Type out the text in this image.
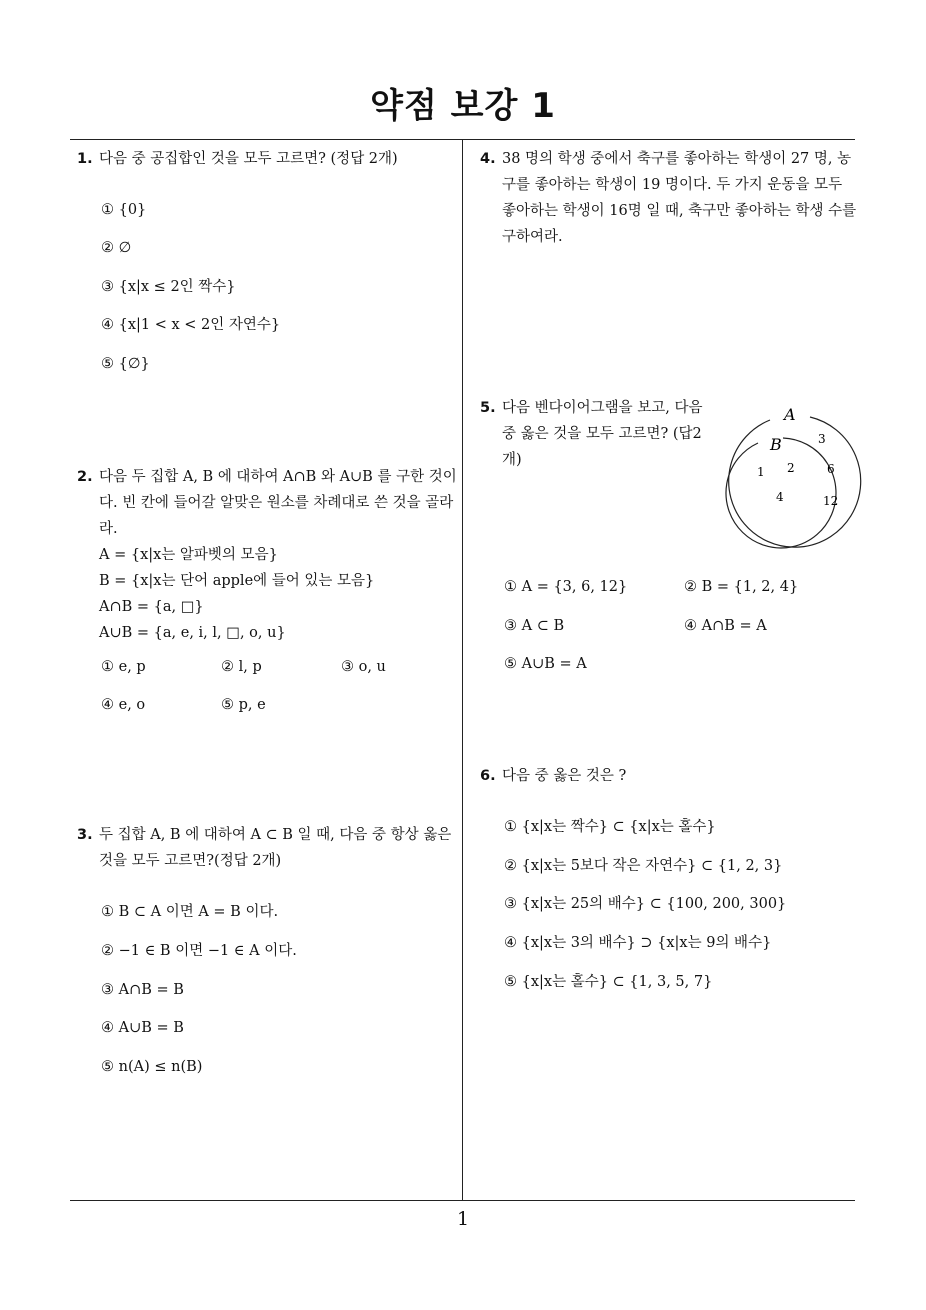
약점 보강 1
1
1. 다음 중 공집합인 것을 모두 고르면? (정답 2개)
① {0}
② ∅
③ {x|x ≤ 2인 짝수}
④ {x|1 < x < 2인 자연수}
⑤ {∅}
2. 다음 두 집합 A, B 에 대하여 A∩B 와 A∪B 를 구한 것이다. 빈 칸에 들어갈 알맞은 원소를 차례대로 쓴 것을 골라라.
A = {x|x는 알파벳의 모음}
B = {x|x는 단어 apple에 들어 있는 모음}
A∩B = {a, □}
A∪B = {a, e, i, l, □, o, u}
① e, p	② l, p	③ o, u
④ e, o	⑤ p, e
3. 두 집합 A, B 에 대하여 A ⊂ B 일 때, 다음 중 항상 옳은 것을 모두 고르면?(정답 2개)
① B ⊂ A 이면 A = B 이다.
② −1 ∈ B 이면 −1 ∈ A 이다.
③ A∩B = B
④ A∪B = B
⑤ n(A) ≤ n(B)
4. 38 명의 학생 중에서 축구를 좋아하는 학생이 27 명, 농구를 좋아하는 학생이 19 명이다. 두 가지 운동을 모두 좋아하는 학생이 16명 일 때, 축구만 좋아하는 학생 수를 구하여라.
5. 다음 벤다이어그램을 보고, 다음 중 옳은 것을 모두 고르면? (답2개)
A
B
1 2
4
3
6
12
① A = {3, 6, 12}	② B = {1, 2, 4}
③ A ⊂ B	④ A∩B = A
⑤ A∪B = A
6. 다음 중 옳은 것은 ?
① {x|x는 짝수} ⊂ {x|x는 홀수}
② {x|x는 5보다 작은 자연수} ⊂ {1, 2, 3}
③ {x|x는 25의 배수} ⊂ {100, 200, 300}
④ {x|x는 3의 배수} ⊃ {x|x는 9의 배수}
⑤ {x|x는 홀수} ⊂ {1, 3, 5, 7}
